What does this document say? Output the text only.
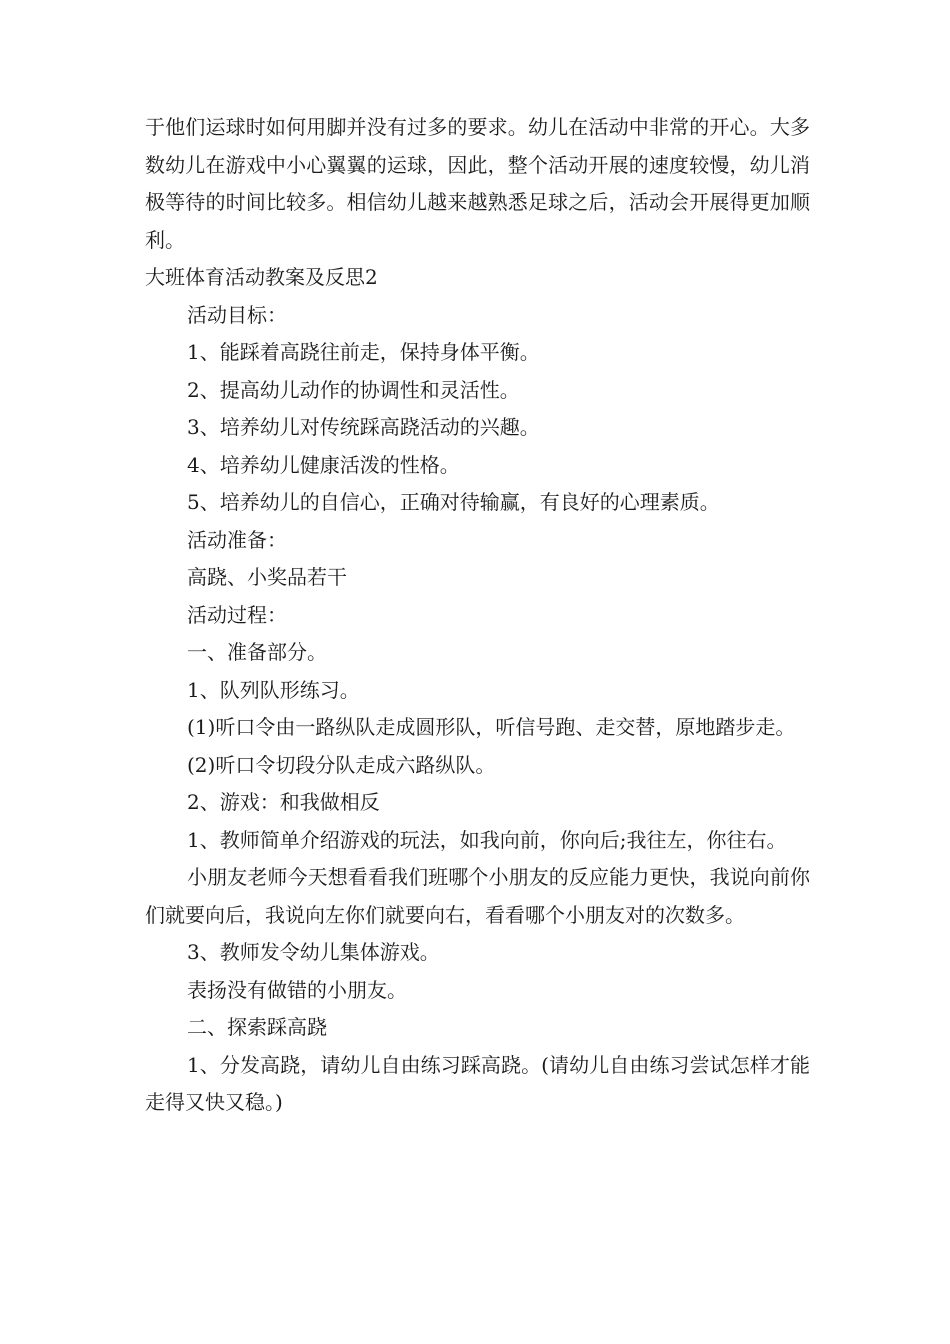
于他们运球时如何用脚并没有过多的要求。幼儿在活动中非常的开心。大多数幼儿在游戏中小心翼翼的运球，因此，整个活动开展的速度较慢，幼儿消极等待的时间比较多。相信幼儿越来越熟悉足球之后，活动会开展得更加顺利。

大班体育活动教案及反思2

活动目标：

1、能踩着高跷往前走，保持身体平衡。

2、提高幼儿动作的协调性和灵活性。

3、培养幼儿对传统踩高跷活动的兴趣。

4、培养幼儿健康活泼的性格。

5、培养幼儿的自信心，正确对待输赢，有良好的心理素质。

活动准备：

高跷、小奖品若干

活动过程：

一、准备部分。

1、队列队形练习。

(1)听口令由一路纵队走成圆形队，听信号跑、走交替，原地踏步走。

(2)听口令切段分队走成六路纵队。

2、游戏：和我做相反

1、教师简单介绍游戏的玩法，如我向前，你向后;我往左，你往右。

小朋友老师今天想看看我们班哪个小朋友的反应能力更快，我说向前你们就要向后，我说向左你们就要向右，看看哪个小朋友对的次数多。

3、教师发令幼儿集体游戏。

表扬没有做错的小朋友。

二、探索踩高跷

1、分发高跷，请幼儿自由练习踩高跷。(请幼儿自由练习尝试怎样才能走得又快又稳。)
